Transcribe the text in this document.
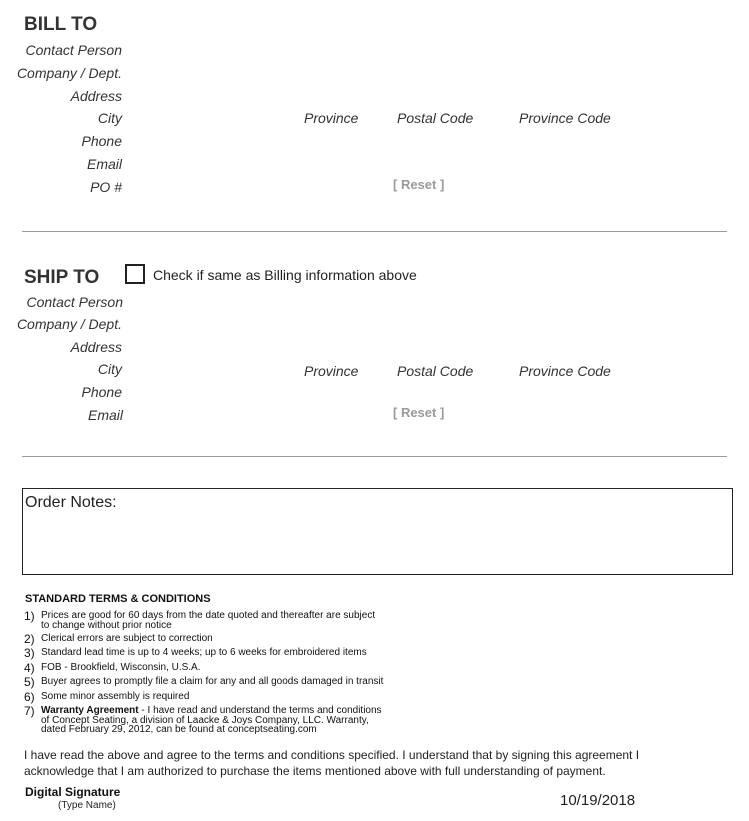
BILL TO
Contact Person
Company / Dept.
Address
City	Province	Postal Code	Province Code
Phone
Email
PO #	[ Reset ]
SHIP TO	Check if same as Billing information above
Contact Person
Company / Dept.
Address
City	Province	Postal Code	Province Code
Phone
Email	[ Reset ]
Order Notes:
STANDARD TERMS & CONDITIONS
1) Prices are good for 60 days from the date quoted and thereafter are subject
to change without prior notice
2) Clerical errors are subject to correction
3) Standard lead time is up to 4 weeks; up to 6 weeks for embroidered items
4) FOB - Brookfield, Wisconsin, U.S.A.
5) Buyer agrees to promptly file a claim for any and all goods damaged in transit
6) Some minor assembly is required
7) Warranty Agreement - I have read and understand the terms and conditions
of Concept Seating, a division of Laacke & Joys Company, LLC. Warranty,
dated February 29, 2012, can be found at conceptseating.com
I have read the above and agree to the terms and conditions specified. I understand that by signing this agreement I acknowledge that I am authorized to purchase the items mentioned above with full understanding of payment.
Digital Signature
(Type Name)	10/19/2018
